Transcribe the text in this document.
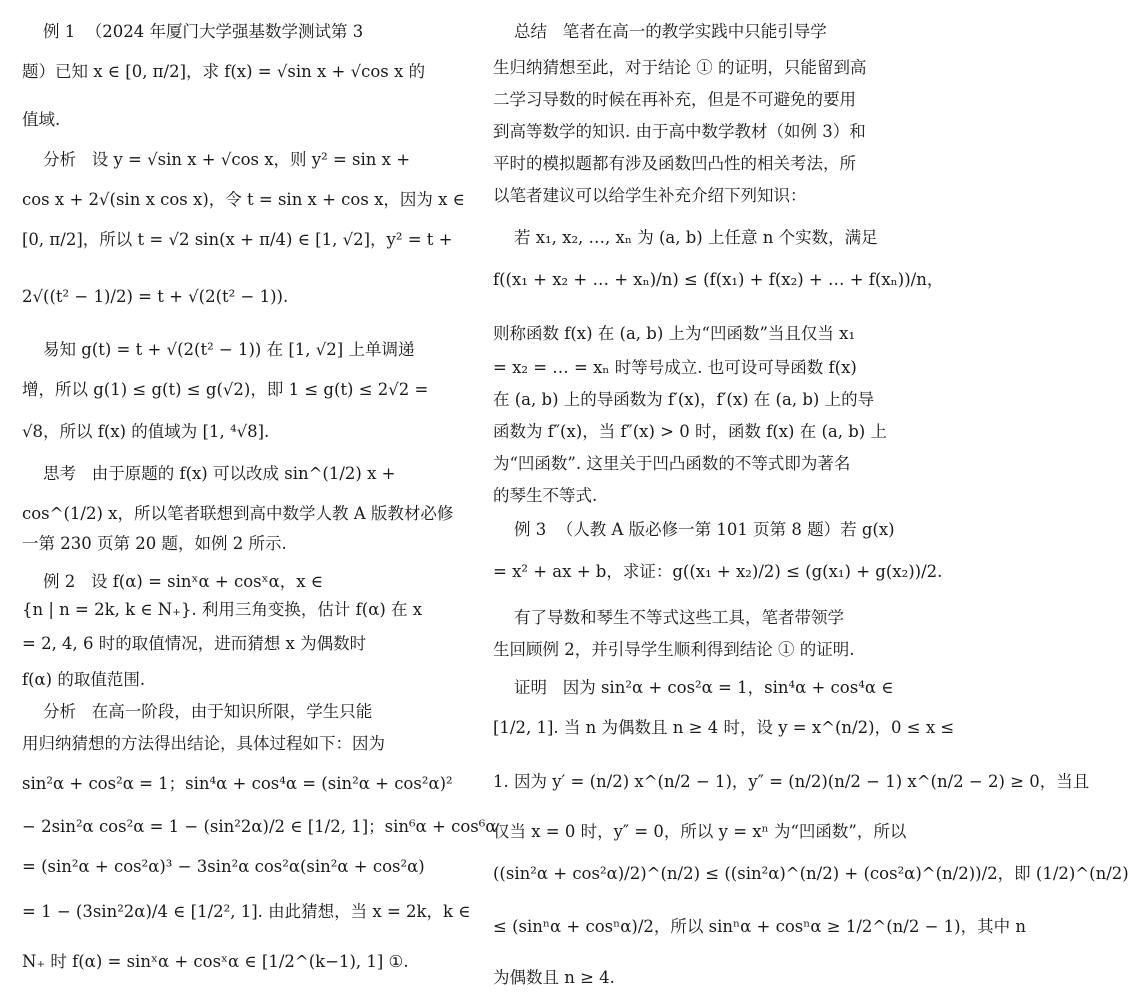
例 1  （2024 年厦门大学强基数学测试第 3
题）已知 x ∈ [0, π/2]，求 f(x) = √sin x + √cos x 的
值域.
分析   设 y = √sin x + √cos x，则 y² = sin x +
cos x + 2√(sin x cos x)，令 t = sin x + cos x，因为 x ∈
[0, π/2]，所以 t = √2 sin(x + π/4) ∈ [1, √2]，y² = t +
2√((t² − 1)/2) = t + √(2(t² − 1)).
易知 g(t) = t + √(2(t² − 1)) 在 [1, √2] 上单调递
增，所以 g(1) ≤ g(t) ≤ g(√2)，即 1 ≤ g(t) ≤ 2√2 =
√8，所以 f(x) 的值域为 [1, ⁴√8].
思考   由于原题的 f(x) 可以改成 sin^(1/2) x +
cos^(1/2) x，所以笔者联想到高中数学人教 A 版教材必修
一第 230 页第 20 题，如例 2 所示.
例 2   设 f(α) = sinˣα + cosˣα，x ∈
{n | n = 2k, k ∈ N₊}. 利用三角变换，估计 f(α) 在 x
= 2, 4, 6 时的取值情况，进而猜想 x 为偶数时
f(α) 的取值范围.
分析   在高一阶段，由于知识所限，学生只能
用归纳猜想的方法得出结论，具体过程如下：因为
sin²α + cos²α = 1；sin⁴α + cos⁴α = (sin²α + cos²α)²
− 2sin²α cos²α = 1 − (sin²2α)/2 ∈ [1/2, 1]；sin⁶α + cos⁶α
= (sin²α + cos²α)³ − 3sin²α cos²α(sin²α + cos²α)
= 1 − (3sin²2α)/4 ∈ [1/2², 1]. 由此猜想，当 x = 2k，k ∈
N₊ 时 f(α) = sinˣα + cosˣα ∈ [1/2^(k−1), 1] ①.
总结   笔者在高一的教学实践中只能引导学
生归纳猜想至此，对于结论 ① 的证明，只能留到高
二学习导数的时候在再补充，但是不可避免的要用
到高等数学的知识. 由于高中数学教材（如例 3）和
平时的模拟题都有涉及函数凹凸性的相关考法，所
以笔者建议可以给学生补充介绍下列知识：
若 x₁, x₂, …, xₙ 为 (a, b) 上任意 n 个实数，满足
f((x₁ + x₂ + … + xₙ)/n) ≤ (f(x₁) + f(x₂) + … + f(xₙ))/n，
则称函数 f(x) 在 (a, b) 上为“凹函数”当且仅当 x₁
= x₂ = … = xₙ 时等号成立. 也可设可导函数 f(x)
在 (a, b) 上的导函数为 f′(x)，f′(x) 在 (a, b) 上的导
函数为 f″(x)，当 f″(x) > 0 时，函数 f(x) 在 (a, b) 上
为“凹函数”. 这里关于凹凸函数的不等式即为著名
的琴生不等式.
例 3  （人教 A 版必修一第 101 页第 8 题）若 g(x)
= x² + ax + b，求证：g((x₁ + x₂)/2) ≤ (g(x₁) + g(x₂))/2.
有了导数和琴生不等式这些工具，笔者带领学
生回顾例 2，并引导学生顺利得到结论 ① 的证明.
证明   因为 sin²α + cos²α = 1，sin⁴α + cos⁴α ∈
[1/2, 1]. 当 n 为偶数且 n ≥ 4 时，设 y = x^(n/2)，0 ≤ x ≤
1. 因为 y′ = (n/2) x^(n/2 − 1)，y″ = (n/2)(n/2 − 1) x^(n/2 − 2) ≥ 0，当且
仅当 x = 0 时，y″ = 0，所以 y = xⁿ 为“凹函数”，所以
((sin²α + cos²α)/2)^(n/2) ≤ ((sin²α)^(n/2) + (cos²α)^(n/2))/2，即 (1/2)^(n/2)
≤ (sinⁿα + cosⁿα)/2，所以 sinⁿα + cosⁿα ≥ 1/2^(n/2 − 1)，其中 n
为偶数且 n ≥ 4.
